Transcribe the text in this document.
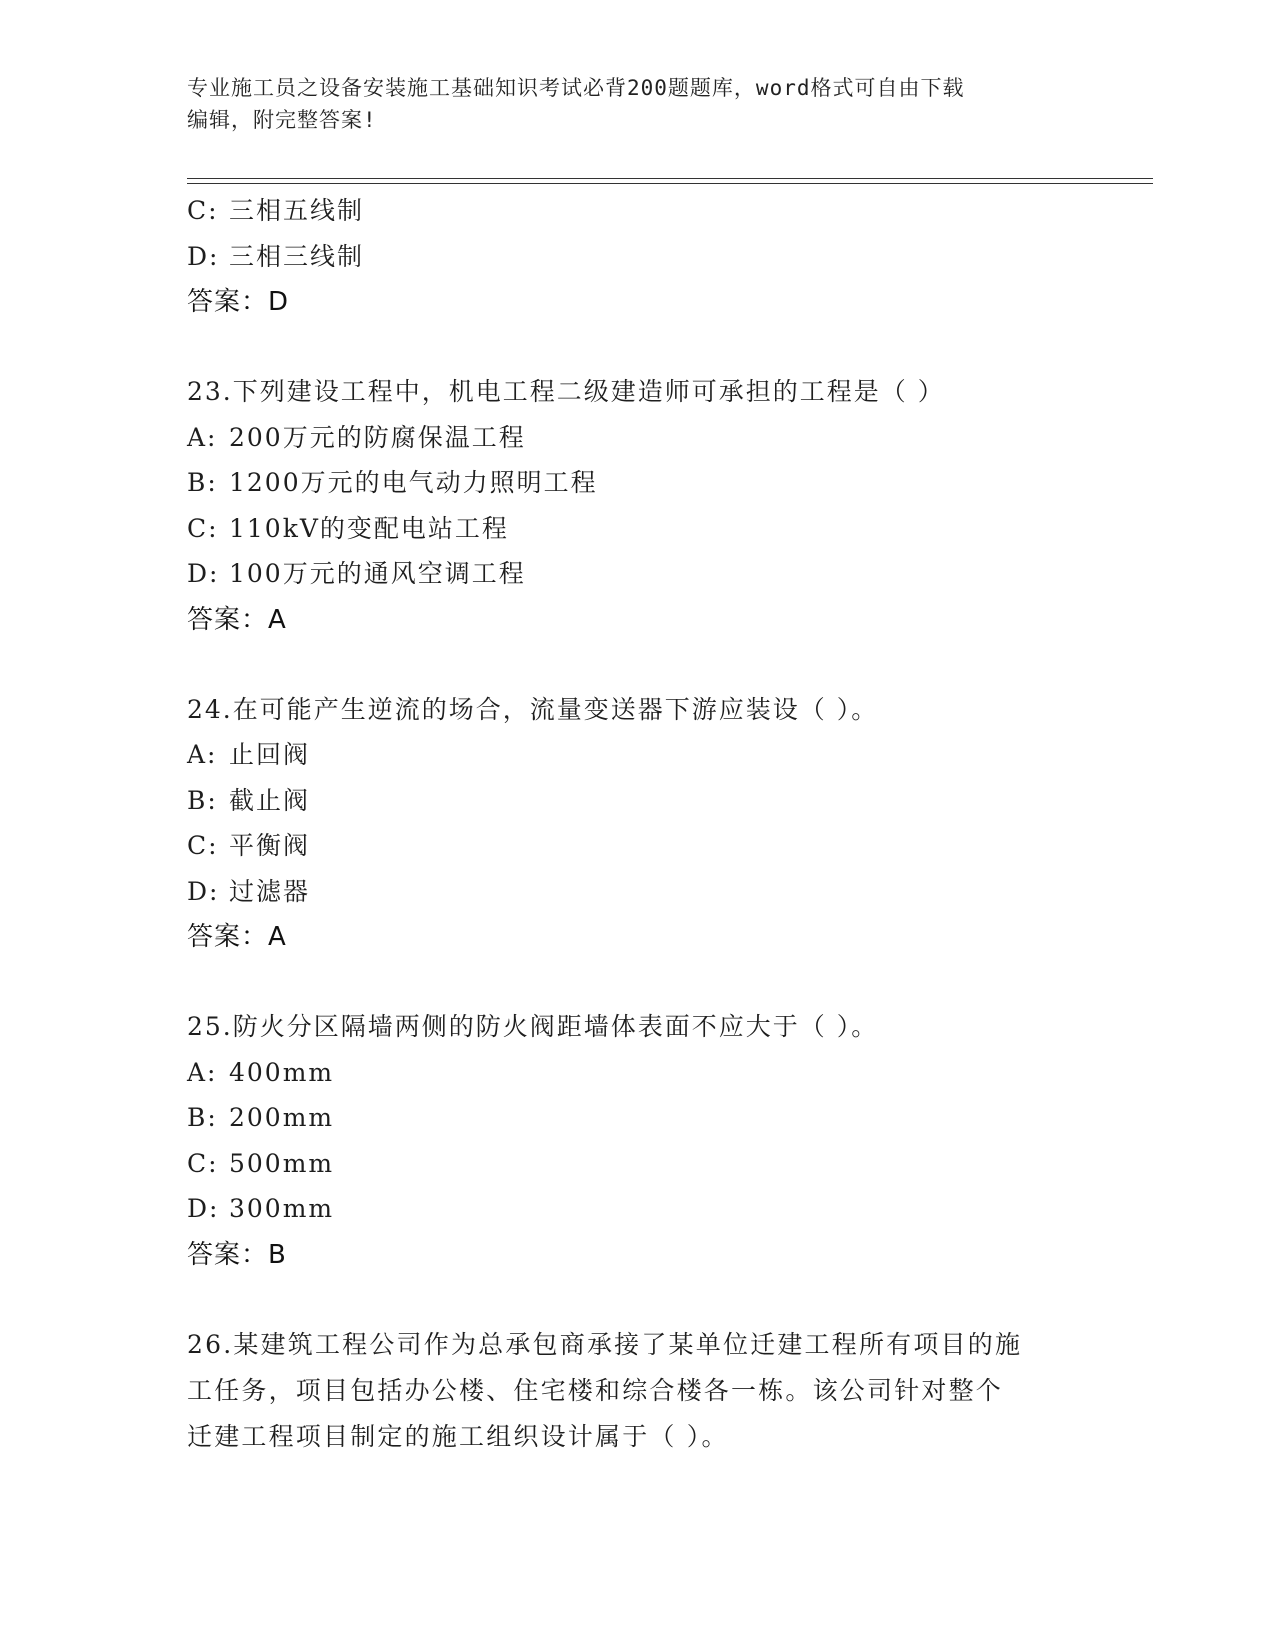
专业施工员之设备安装施工基础知识考试必背200题题库，word格式可自由下载
编辑，附完整答案!
C: 三相五线制
D: 三相三线制
答案：D
23.下列建设工程中，机电工程二级建造师可承担的工程是（ ）
A: 200万元的防腐保温工程
B: 1200万元的电气动力照明工程
C: 110kV的变配电站工程
D: 100万元的通风空调工程
答案：A
24.在可能产生逆流的场合，流量变送器下游应装设（ ）。
A: 止回阀
B: 截止阀
C: 平衡阀
D: 过滤器
答案：A
25.防火分区隔墙两侧的防火阀距墙体表面不应大于（ ）。
A: 400mm
B: 200mm
C: 500mm
D: 300mm
答案：B
26.某建筑工程公司作为总承包商承接了某单位迁建工程所有项目的施
工任务，项目包括办公楼、住宅楼和综合楼各一栋。该公司针对整个
迁建工程项目制定的施工组织设计属于（ ）。
